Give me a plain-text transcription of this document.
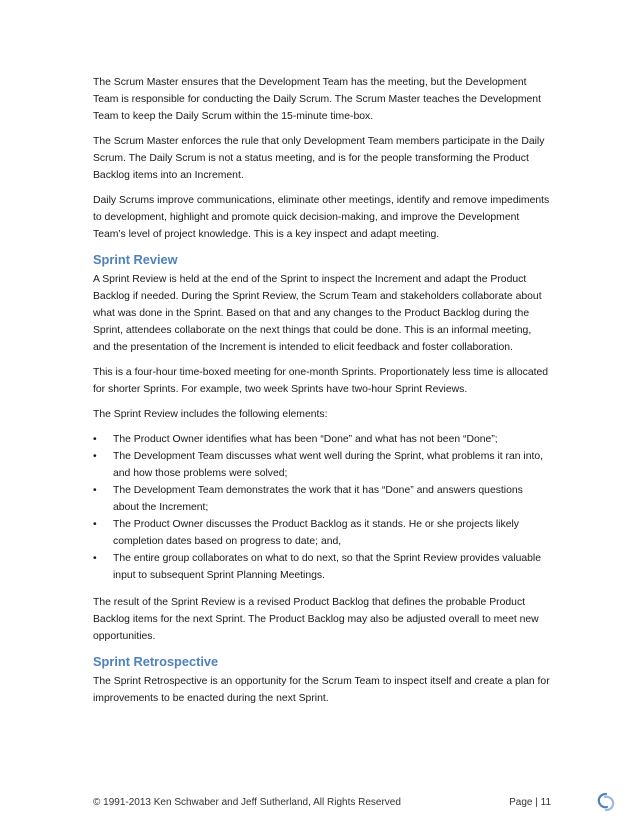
The Scrum Master ensures that the Development Team has the meeting, but the Development Team is responsible for conducting the Daily Scrum. The Scrum Master teaches the Development Team to keep the Daily Scrum within the 15-minute time-box.

The Scrum Master enforces the rule that only Development Team members participate in the Daily Scrum. The Daily Scrum is not a status meeting, and is for the people transforming the Product Backlog items into an Increment.

Daily Scrums improve communications, eliminate other meetings, identify and remove impediments to development, highlight and promote quick decision-making, and improve the Development Team’s level of project knowledge. This is a key inspect and adapt meeting.

Sprint Review

A Sprint Review is held at the end of the Sprint to inspect the Increment and adapt the Product Backlog if needed. During the Sprint Review, the Scrum Team and stakeholders collaborate about what was done in the Sprint. Based on that and any changes to the Product Backlog during the Sprint, attendees collaborate on the next things that could be done. This is an informal meeting, and the presentation of the Increment is intended to elicit feedback and foster collaboration.

This is a four-hour time-boxed meeting for one-month Sprints. Proportionately less time is allocated for shorter Sprints. For example, two week Sprints have two-hour Sprint Reviews.

The Sprint Review includes the following elements:

• The Product Owner identifies what has been “Done” and what has not been “Done”;
• The Development Team discusses what went well during the Sprint, what problems it ran into, and how those problems were solved;
• The Development Team demonstrates the work that it has “Done” and answers questions about the Increment;
• The Product Owner discusses the Product Backlog as it stands. He or she projects likely completion dates based on progress to date; and,
• The entire group collaborates on what to do next, so that the Sprint Review provides valuable input to subsequent Sprint Planning Meetings.

The result of the Sprint Review is a revised Product Backlog that defines the probable Product Backlog items for the next Sprint. The Product Backlog may also be adjusted overall to meet new opportunities.

Sprint Retrospective

The Sprint Retrospective is an opportunity for the Scrum Team to inspect itself and create a plan for improvements to be enacted during the next Sprint.

© 1991-2013 Ken Schwaber and Jeff Sutherland, All Rights Reserved	Page | 11
